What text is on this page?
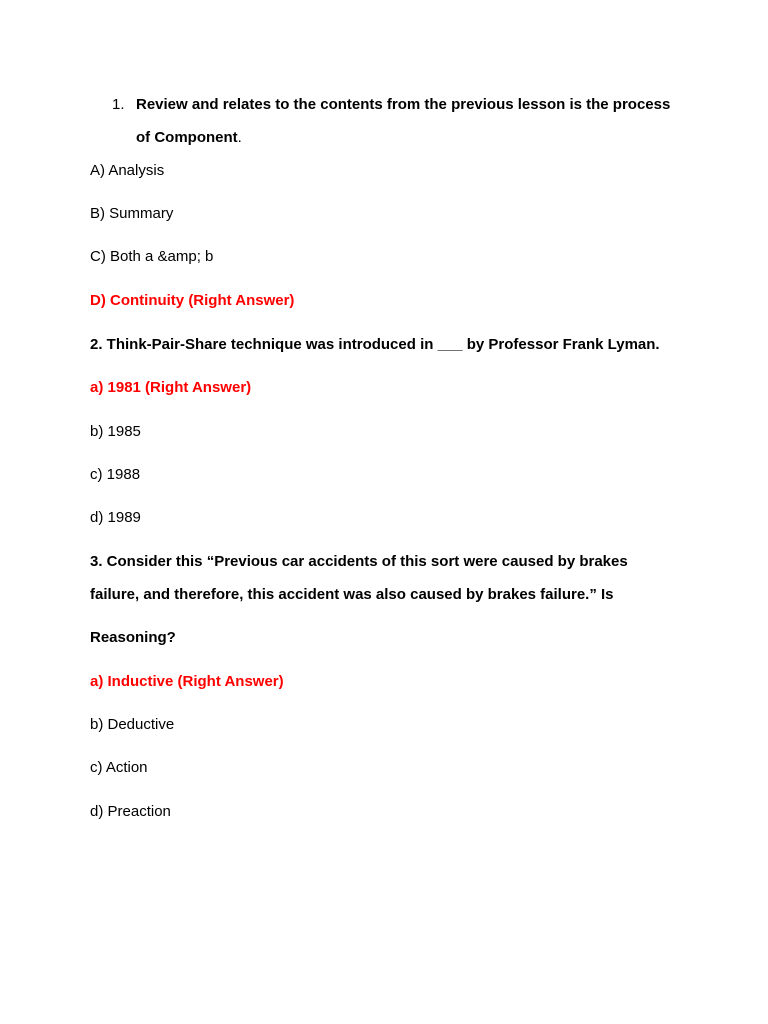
1. Review and relates to the contents from the previous lesson is the process
of Component.
A) Analysis
B) Summary
C) Both a &amp; b
D) Continuity (Right Answer)
2. Think-Pair-Share technique was introduced in ___ by Professor Frank Lyman.
a) 1981 (Right Answer)
b) 1985
c) 1988
d) 1989
3. Consider this “Previous car accidents of this sort were caused by brakes
failure, and therefore, this accident was also caused by brakes failure.” Is
Reasoning?
a) Inductive (Right Answer)
b) Deductive
c) Action
d) Preaction
